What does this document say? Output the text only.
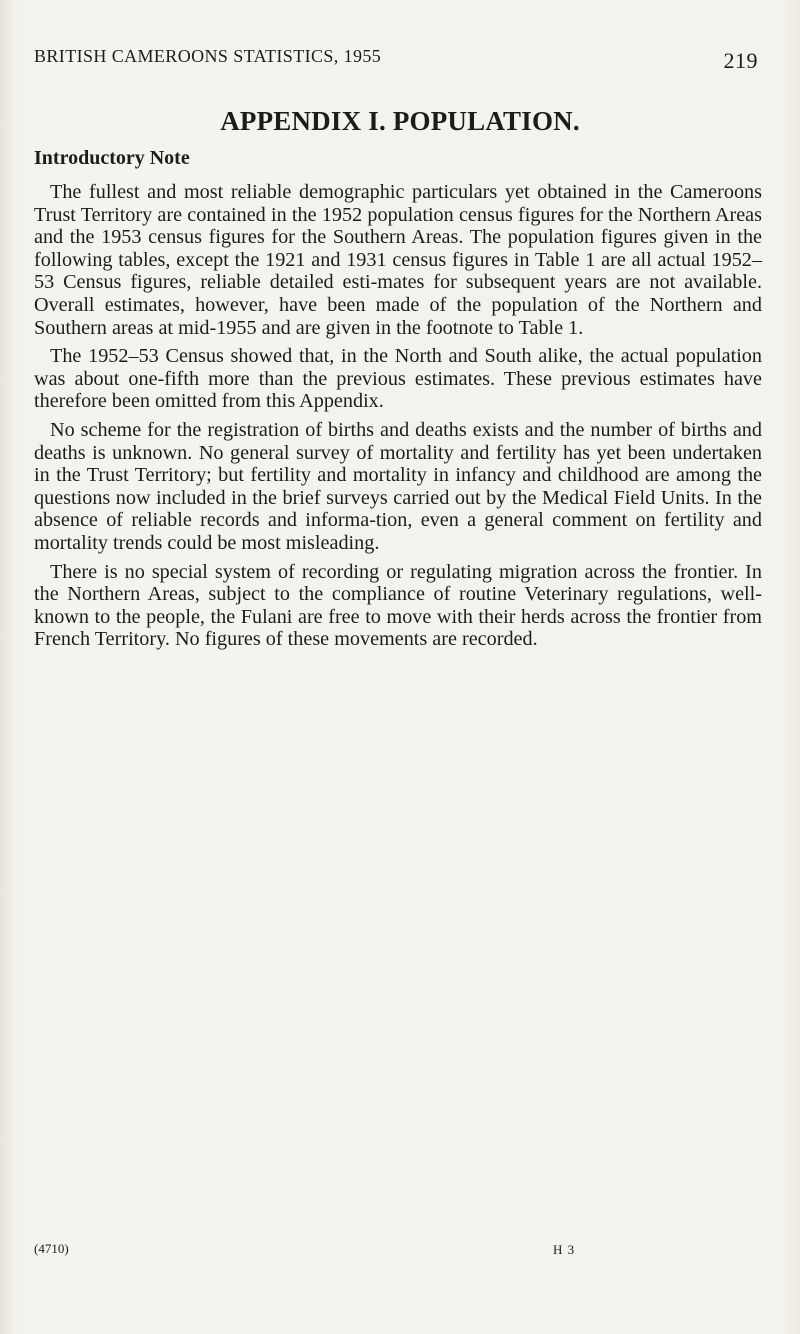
BRITISH CAMEROONS STATISTICS, 1955	219
APPENDIX I. POPULATION.
Introductory Note

The fullest and most reliable demographic particulars yet obtained in the Cameroons Trust Territory are contained in the 1952 population census figures for the Northern Areas and the 1953 census figures for the Southern Areas. The population figures given in the following tables, except the 1921 and 1931 census figures in Table 1 are all actual 1952–53 Census figures, reliable detailed esti-mates for subsequent years are not available. Overall estimates, however, have been made of the population of the Northern and Southern areas at mid-1955 and are given in the footnote to Table 1.

The 1952–53 Census showed that, in the North and South alike, the actual population was about one-fifth more than the previous estimates. These previous estimates have therefore been omitted from this Appendix.

No scheme for the registration of births and deaths exists and the number of births and deaths is unknown. No general survey of mortality and fertility has yet been undertaken in the Trust Territory; but fertility and mortality in infancy and childhood are among the questions now included in the brief surveys carried out by the Medical Field Units. In the absence of reliable records and informa-tion, even a general comment on fertility and mortality trends could be most misleading.

There is no special system of recording or regulating migration across the frontier. In the Northern Areas, subject to the compliance of routine Veterinary regulations, well-known to the people, the Fulani are free to move with their herds across the frontier from French Territory. No figures of these movements are recorded.

(4710)	H 3
